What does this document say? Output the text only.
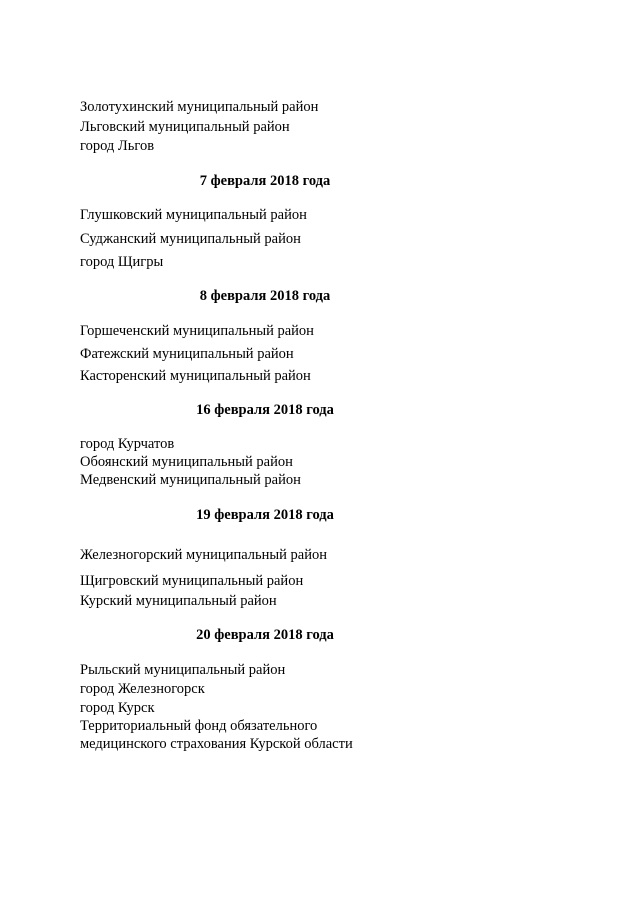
Золотухинский муниципальный район
Льговский муниципальный район
город Льгов
7 февраля 2018 года
Глушковский муниципальный район
Суджанский муниципальный район
город Щигры
8 февраля 2018 года
Горшеченский муниципальный район
Фатежский муниципальный район
Касторенский муниципальный район
16 февраля 2018 года
город Курчатов
Обоянский муниципальный район
Медвенский муниципальный район
19 февраля 2018 года
Железногорский муниципальный район
Щигровский муниципальный район
Курский муниципальный район
20 февраля 2018 года
Рыльский муниципальный район
город Железногорск
город Курск
Территориальный фонд обязательного
медицинского страхования Курской области
